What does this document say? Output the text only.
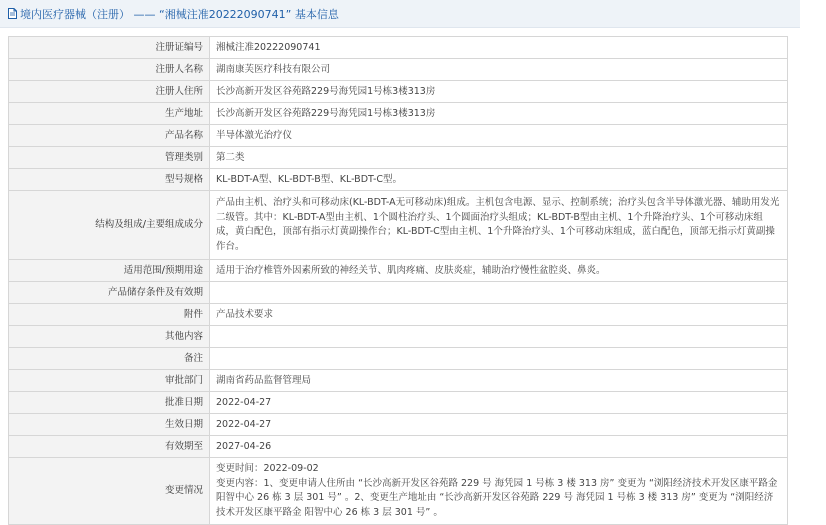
境内医疗器械（注册） —— “湘械注准20222090741” 基本信息
注册证编号	湘械注准20222090741
注册人名称	湖南康芙医疗科技有限公司
注册人住所	长沙高新开发区谷苑路229号海凭园1号栋3楼313房
生产地址	长沙高新开发区谷苑路229号海凭园1号栋3楼313房
产品名称	半导体激光治疗仪
管理类别	第二类
型号规格	KL-BDT-A型、KL-BDT-B型、KL-BDT-C型。
结构及组成/主要组成成分	产品由主机、治疗头和可移动床(KL-BDT-A无可移动床)组成。主机包含电源、显示、控制系统；治疗头包含半导体激光器、辅助用发光二级管。其中：KL-BDT-A型由主机、1个圆柱治疗头、1个圆面治疗头组成；KL-BDT-B型由主机、1个升降治疗头、1个可移动床组成，黄白配色，顶部有指示灯黄副操作台；KL-BDT-C型由主机、1个升降治疗头、1个可移动床组成，蓝白配色，顶部无指示灯黄副操作台。
适用范围/预期用途	适用于治疗椎管外因素所致的神经关节、肌肉疼痛、皮肤炎症，辅助治疗慢性盆腔炎、鼻炎。
产品储存条件及有效期	
附件	产品技术要求
其他内容	
备注	
审批部门	湖南省药品监督管理局
批准日期	2022-04-27
生效日期	2022-04-27
有效期至	2027-04-26
变更情况	变更时间：2022-09-02
变更内容：1、变更申请人住所由 “长沙高新开发区谷苑路 229 号 海凭园 1 号栋 3 楼 313 房” 变更为 “浏阳经济技术开发区康平路金 阳智中心 26 栋 3 层 301 号” 。2、变更生产地址由 “长沙高新开发区谷苑路 229 号 海凭园 1 号栋 3 楼 313 房” 变更为 “浏阳经济技术开发区康平路金 阳智中心 26 栋 3 层 301 号” 。
